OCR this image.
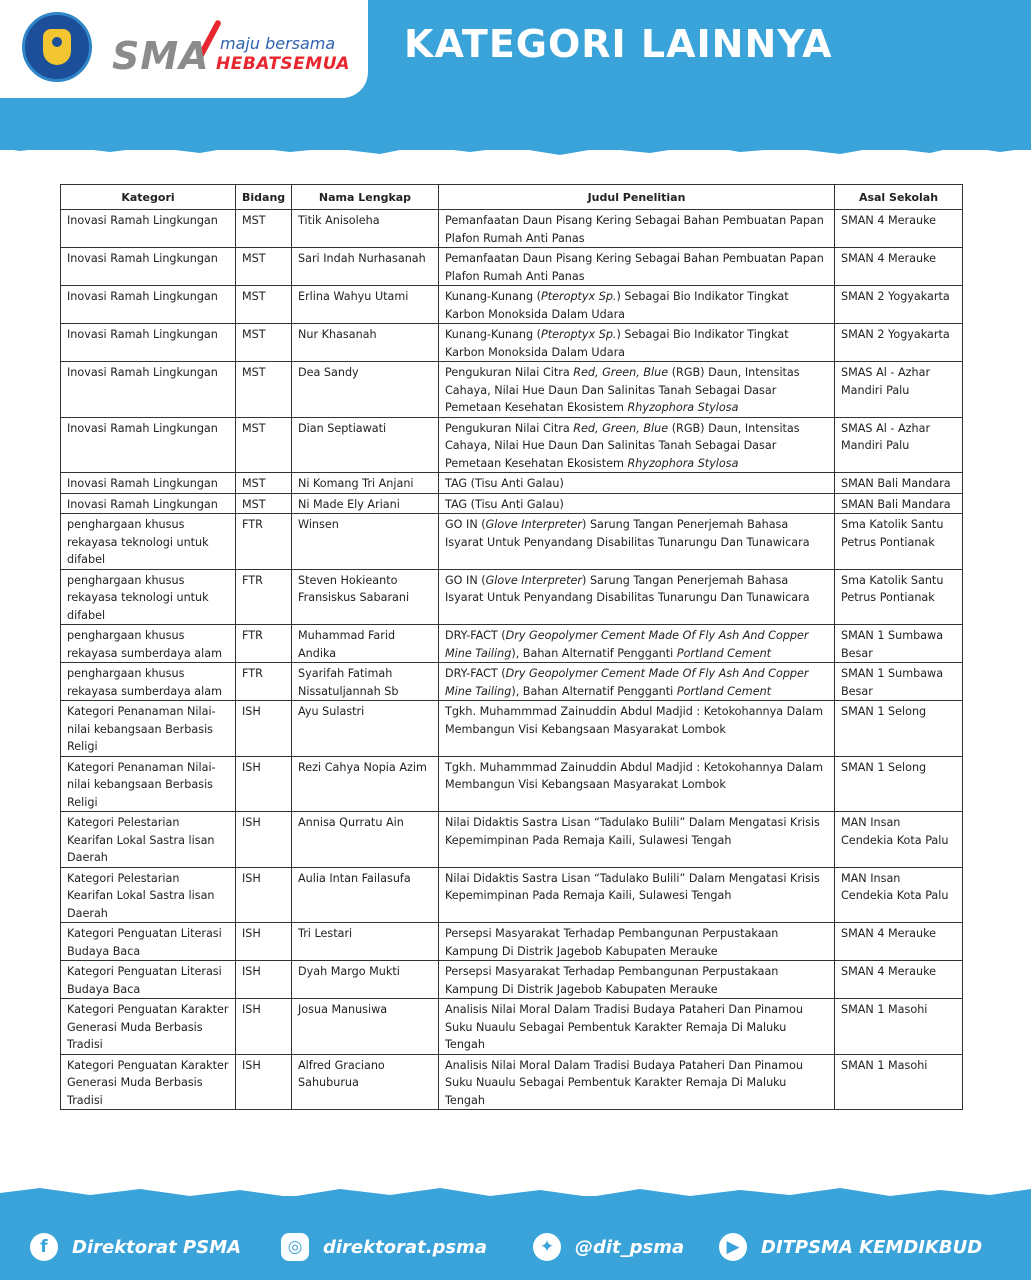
SMA maju bersama
HEBATSEMUA KATEGORI LAINNYA
Kategori	Bidang	Nama Lengkap	Judul Penelitian	Asal Sekolah
Inovasi Ramah Lingkungan	MST	Titik Anisoleha	Pemanfaatan Daun Pisang Kering Sebagai Bahan Pembuatan Papan Plafon Rumah Anti Panas	SMAN 4 Merauke
Inovasi Ramah Lingkungan	MST	Sari Indah Nurhasanah	Pemanfaatan Daun Pisang Kering Sebagai Bahan Pembuatan Papan Plafon Rumah Anti Panas	SMAN 4 Merauke
Inovasi Ramah Lingkungan	MST	Erlina Wahyu Utami	Kunang-Kunang (Pteroptyx Sp.) Sebagai Bio Indikator Tingkat Karbon Monoksida Dalam Udara	SMAN 2 Yogyakarta
Inovasi Ramah Lingkungan	MST	Nur Khasanah	Kunang-Kunang (Pteroptyx Sp.) Sebagai Bio Indikator Tingkat Karbon Monoksida Dalam Udara	SMAN 2 Yogyakarta
Inovasi Ramah Lingkungan	MST	Dea Sandy	Pengukuran Nilai Citra Red, Green, Blue (RGB) Daun, Intensitas Cahaya, Nilai Hue Daun Dan Salinitas Tanah Sebagai Dasar Pemetaan Kesehatan Ekosistem Rhyzophora Stylosa	SMAS Al - Azhar Mandiri Palu
Inovasi Ramah Lingkungan	MST	Dian Septiawati	Pengukuran Nilai Citra Red, Green, Blue (RGB) Daun, Intensitas Cahaya, Nilai Hue Daun Dan Salinitas Tanah Sebagai Dasar Pemetaan Kesehatan Ekosistem Rhyzophora Stylosa	SMAS Al - Azhar Mandiri Palu
Inovasi Ramah Lingkungan	MST	Ni Komang Tri Anjani	TAG (Tisu Anti Galau)	SMAN Bali Mandara
Inovasi Ramah Lingkungan	MST	Ni Made Ely Ariani	TAG (Tisu Anti Galau)	SMAN Bali Mandara
penghargaan khusus rekayasa teknologi untuk difabel	FTR	Winsen	GO IN (Glove Interpreter) Sarung Tangan Penerjemah Bahasa Isyarat Untuk Penyandang Disabilitas Tunarungu Dan Tunawicara	Sma Katolik Santu Petrus Pontianak
penghargaan khusus rekayasa teknologi untuk difabel	FTR	Steven Hokieanto Fransiskus Sabarani	GO IN (Glove Interpreter) Sarung Tangan Penerjemah Bahasa Isyarat Untuk Penyandang Disabilitas Tunarungu Dan Tunawicara	Sma Katolik Santu Petrus Pontianak
penghargaan khusus rekayasa sumberdaya alam	FTR	Muhammad Farid Andika	DRY-FACT (Dry Geopolymer Cement Made Of Fly Ash And Copper Mine Tailing), Bahan Alternatif Pengganti Portland Cement	SMAN 1 Sumbawa Besar
penghargaan khusus rekayasa sumberdaya alam	FTR	Syarifah Fatimah Nissatuljannah Sb	DRY-FACT (Dry Geopolymer Cement Made Of Fly Ash And Copper Mine Tailing), Bahan Alternatif Pengganti Portland Cement	SMAN 1 Sumbawa Besar
Kategori Penanaman Nilai-nilai kebangsaan Berbasis Religi	ISH	Ayu Sulastri	Tgkh. Muhammmad Zainuddin Abdul Madjid : Ketokohannya Dalam Membangun Visi Kebangsaan Masyarakat Lombok	SMAN 1 Selong
Kategori Penanaman Nilai-nilai kebangsaan Berbasis Religi	ISH	Rezi Cahya Nopia Azim	Tgkh. Muhammmad Zainuddin Abdul Madjid : Ketokohannya Dalam Membangun Visi Kebangsaan Masyarakat Lombok	SMAN 1 Selong
Kategori Pelestarian Kearifan Lokal Sastra lisan Daerah	ISH	Annisa Qurratu Ain	Nilai Didaktis Sastra Lisan “Tadulako Bulili” Dalam Mengatasi Krisis Kepemimpinan Pada Remaja Kaili, Sulawesi Tengah	MAN Insan Cendekia Kota Palu
Kategori Pelestarian Kearifan Lokal Sastra lisan Daerah	ISH	Aulia Intan Failasufa	Nilai Didaktis Sastra Lisan “Tadulako Bulili” Dalam Mengatasi Krisis Kepemimpinan Pada Remaja Kaili, Sulawesi Tengah	MAN Insan Cendekia Kota Palu
Kategori Penguatan Literasi Budaya Baca	ISH	Tri Lestari	Persepsi Masyarakat Terhadap Pembangunan Perpustakaan Kampung Di Distrik Jagebob Kabupaten Merauke	SMAN 4 Merauke
Kategori Penguatan Literasi Budaya Baca	ISH	Dyah Margo Mukti	Persepsi Masyarakat Terhadap Pembangunan Perpustakaan Kampung Di Distrik Jagebob Kabupaten Merauke	SMAN 4 Merauke
Kategori Penguatan Karakter Generasi Muda Berbasis Tradisi	ISH	Josua Manusiwa	Analisis Nilai Moral Dalam Tradisi Budaya Pataheri Dan Pinamou Suku Nuaulu Sebagai Pembentuk Karakter Remaja Di Maluku Tengah	SMAN 1 Masohi
Kategori Penguatan Karakter Generasi Muda Berbasis Tradisi	ISH	Alfred Graciano Sahuburua	Analisis Nilai Moral Dalam Tradisi Budaya Pataheri Dan Pinamou Suku Nuaulu Sebagai Pembentuk Karakter Remaja Di Maluku Tengah	SMAN 1 Masohi
f	Direktorat PSMA	◎	direktorat.psma	✦	@dit_psma	▶	DITPSMA KEMDIKBUD
